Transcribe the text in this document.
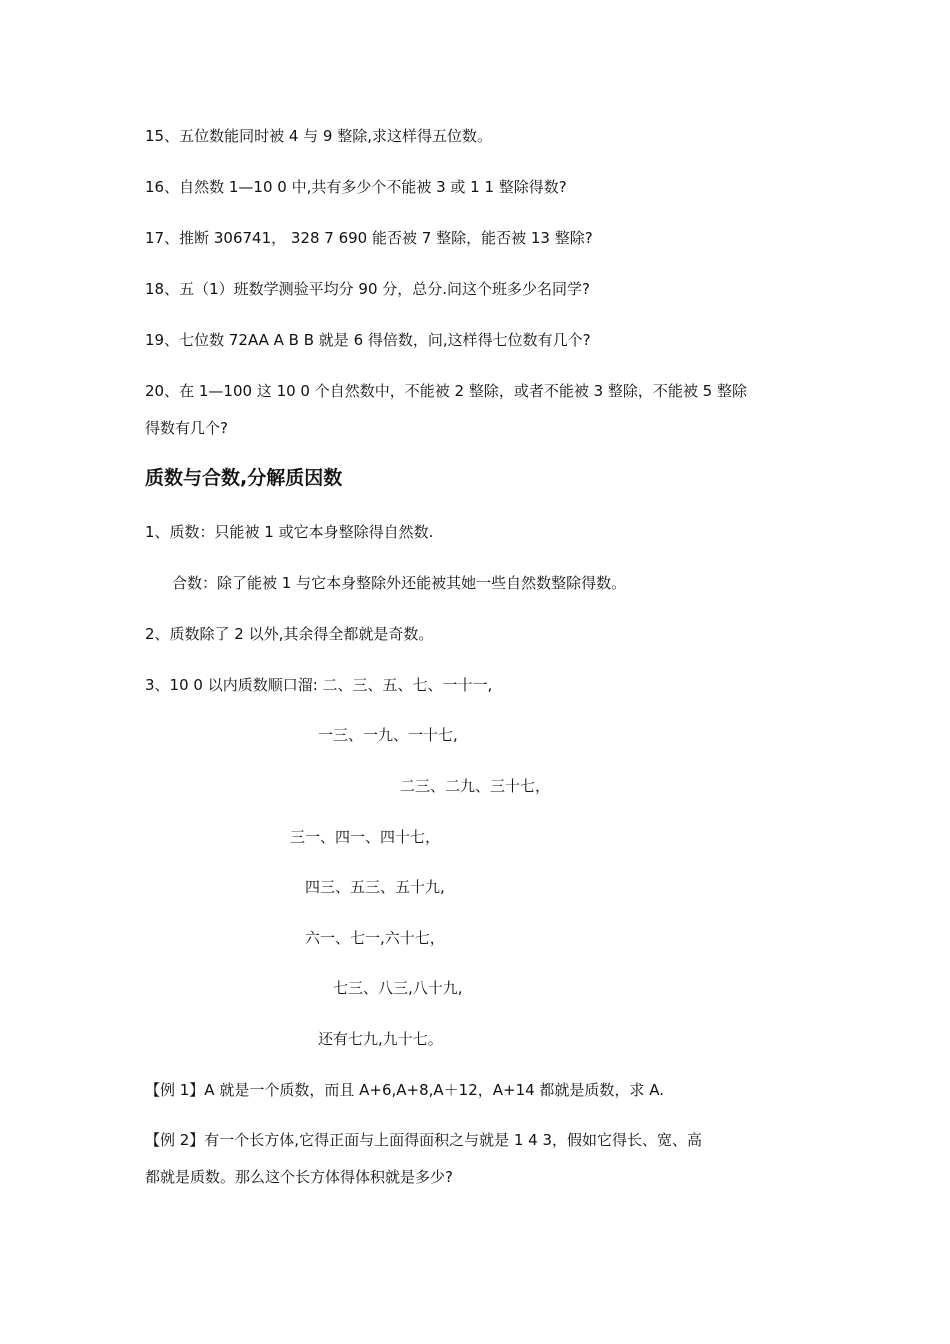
15、五位数能同时被 4 与 9 整除,求这样得五位数。
16、自然数 1—10 0 中,共有多少个不能被 3 或 1 1 整除得数?
17、推断 306741， 328 7 690 能否被 7 整除，能否被 13 整除?
18、五（1）班数学测验平均分 90 分，总分.问这个班多少名同学?
19、七位数 72AA A B B 就是 6 得倍数，问,这样得七位数有几个?
20、在 1—100 这 10 0 个自然数中，不能被 2 整除，或者不能被 3 整除，不能被 5 整除
得数有几个?
质数与合数,分解质因数
1、质数：只能被 1 或它本身整除得自然数.
合数：除了能被 1 与它本身整除外还能被其她一些自然数整除得数。
2、质数除了 2 以外,其余得全都就是奇数。
3、10 0 以内质数顺口溜: 二、三、五、七、一十一,
一三、一九、一十七,
二三、二九、三十七，
三一、四一、四十七，
四三、五三、五十九,
六一、七一,六十七，
七三、八三,八十九,
还有七九,九十七。
【例 1】A 就是一个质数，而且 A+6,A+8,A＋12，A+14 都就是质数，求 A.
【例 2】有一个长方体,它得正面与上面得面积之与就是 1 4 3，假如它得长、宽、高
都就是质数。那么这个长方体得体积就是多少?
